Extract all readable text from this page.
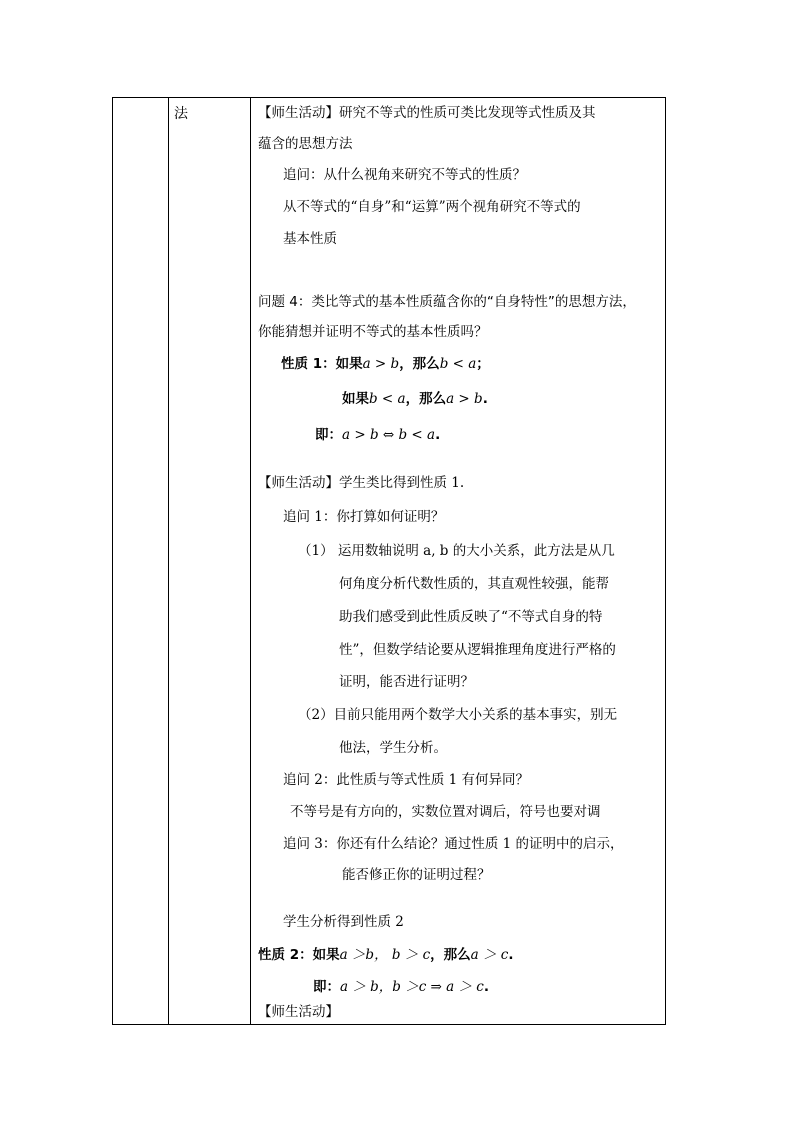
法	【师生活动】研究不等式的性质可类比发现等式性质及其
蕴含的思想方法
追问：从什么视角来研究不等式的性质？
从不等式的“自身”和“运算”两个视角研究不等式的
基本性质
问题 4：类比等式的基本性质蕴含你的“自身特性”的思想方法，
你能猜想并证明不等式的基本性质吗？
性质 1：如果a > b，那么b < a；
如果b < a，那么a > b.
即：a > b ⇔ b < a.
【师生活动】学生类比得到性质 1.
追问 1：你打算如何证明？
（1） 运用数轴说明 a, b 的大小关系，此方法是从几
何角度分析代数性质的，其直观性较强，能帮
助我们感受到此性质反映了“不等式自身的特
性”，但数学结论要从逻辑推理角度进行严格的
证明，能否进行证明？
（2）目前只能用两个数学大小关系的基本事实，别无
他法，学生分析。
追问 2：此性质与等式性质 1 有何异同？
不等号是有方向的，实数位置对调后，符号也要对调
追问 3：你还有什么结论？通过性质 1 的证明中的启示，
能否修正你的证明过程？
学生分析得到性质 2
性质 2：如果a ＞b， b ＞ c，那么a ＞ c.
即：a ＞ b，b ＞c ⇒ a ＞ c.
【师生活动】
